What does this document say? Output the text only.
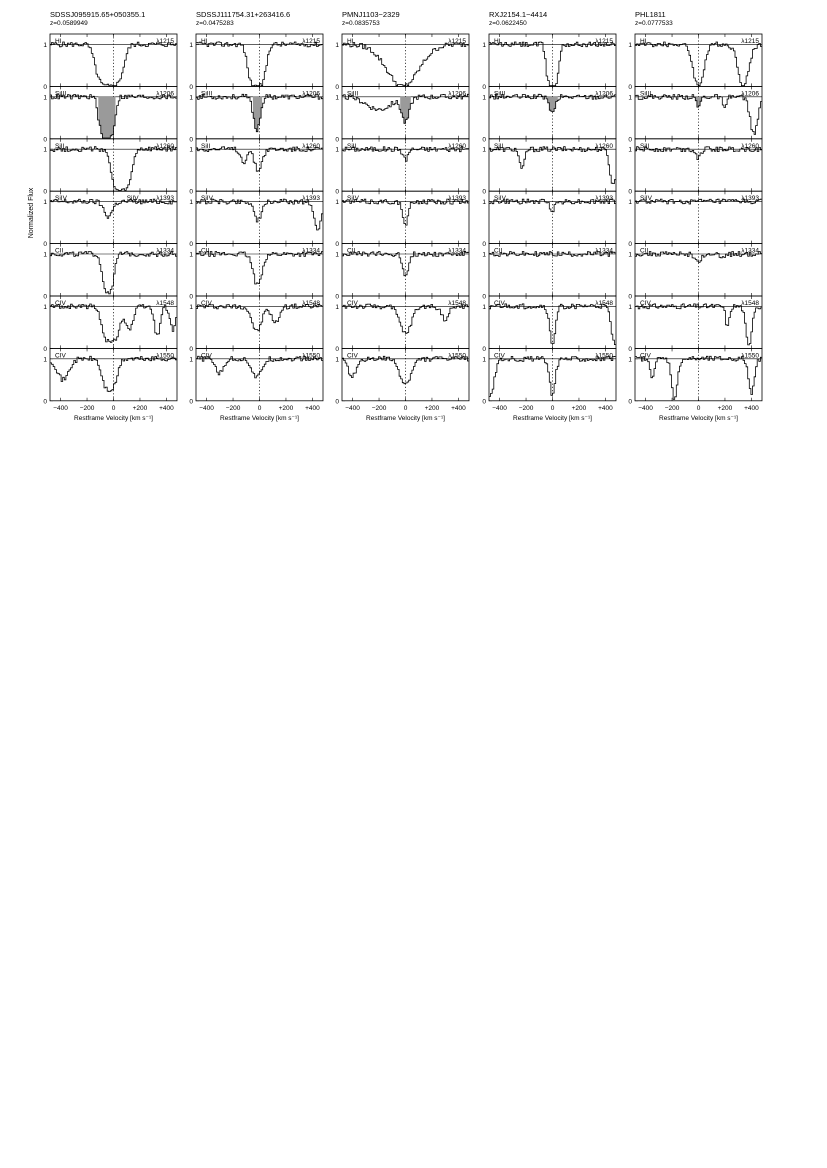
Normalized Flux
SDSSJ095915.65+050355.1
z=0.0589949
HI	λ1215
0
1
SiIII	λ1206
0
1
SiII	λ1260
0
1
SiIV	λ1393
SiIV
0
1
CII	λ1334
0
1
CIV	λ1548
0
1
CIV	λ1550
0
1
−400 −200	0	+200 +400
Restframe Velocity [km s⁻¹]
SDSSJ111754.31+263416.6
z=0.0475283
HI	λ1215
0
1
SiIII	λ1206
0
1
SiII	λ1260
0
1
SiIV	λ1393
0
1
CII	λ1334
0
1
CIV	λ1548
0
1
CIV	λ1550
0
1
−400 −200	0	+200 +400
Restframe Velocity [km s⁻¹]
PMNJ1103−2329
z=0.0835753
HI	λ1215
0
1
SiIII	λ1206
0
1
SiII	λ1260
0
1
SiIV	λ1393
0
1
CII	λ1334
0
1
CIV	λ1548
0
1
CIV	λ1550
0
1
−400 −200	0	+200 +400
Restframe Velocity [km s⁻¹]
RXJ2154.1−4414
z=0.0622450
HI	λ1215
0
1
SiIII	λ1206
0
1
SiII	λ1260
0
1
SiIV	λ1393
0
1
CII	λ1334
0
1
CIV	λ1548
0
1
CIV	λ1550
0
1
−400 −200	0	+200 +400
Restframe Velocity [km s⁻¹]
PHL1811
z=0.0777533
HI	λ1215
0
1
SiIII	λ1206
0
1
SiII	λ1260
0
1
SiIV	λ1393
0
1
CII	λ1334
0
1
CIV	λ1548
0
1
CIV	λ1550
0
1
−400 −200	0	+200 +400
Restframe Velocity [km s⁻¹]
